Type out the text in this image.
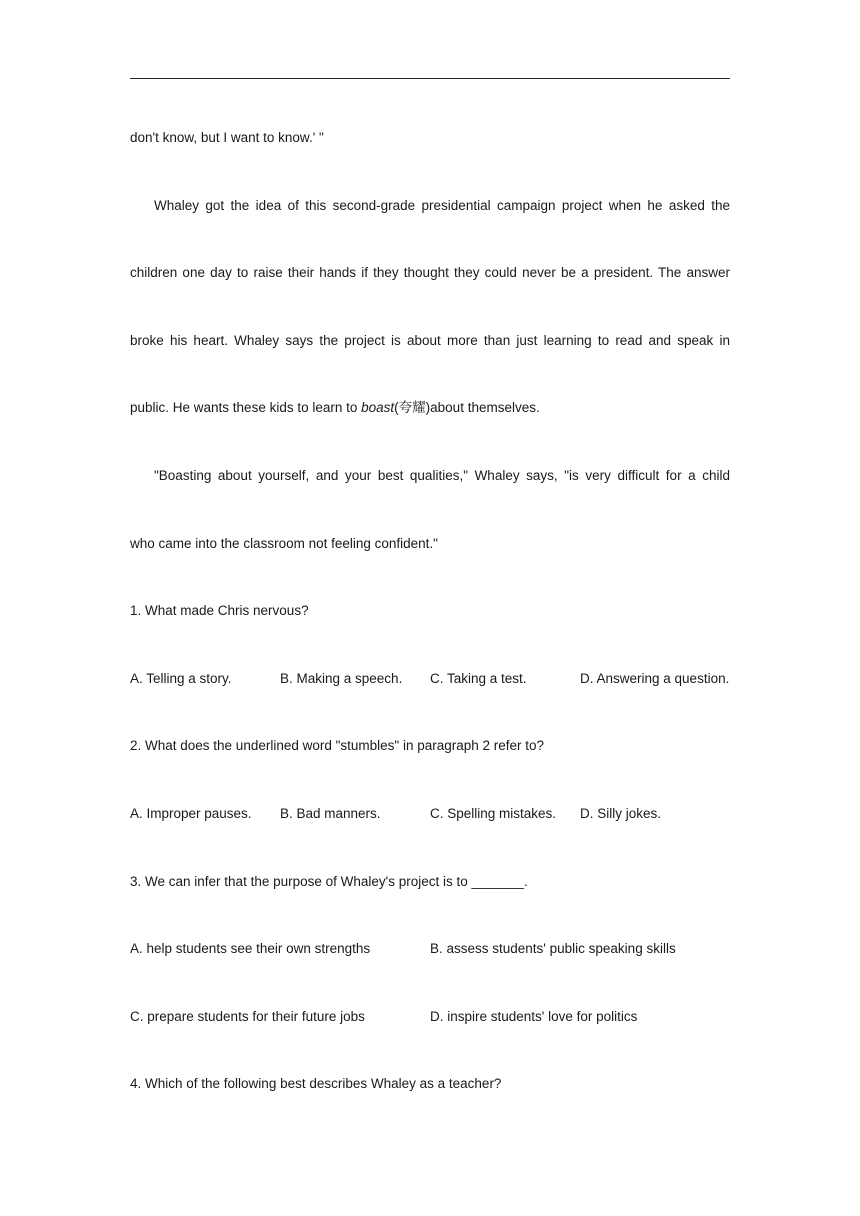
don't know, but I want to know.' "
Whaley got the idea of this second-grade presidential campaign project when he asked the
children one day to raise their hands if they thought they could never be a president. The answer
broke his heart. Whaley says the project is about more than just learning to read and speak in
public. He wants these kids to learn to boast(夸耀)about themselves.
"Boasting about yourself, and your best qualities," Whaley says, "is very difficult for a child
who came into the classroom not feeling confident."
1. What made Chris nervous?
A. Telling a story.	B. Making a speech. C. Taking a test.	D. Answering a question.
2. What does the underlined word "stumbles" in paragraph 2 refer to?
A. Improper pauses. B. Bad manners.	C. Spelling mistakes. D. Silly jokes.
3. We can infer that the purpose of Whaley's project is to _______.
A. help students see their own strengths	B. assess students' public speaking skills
C. prepare students for their future jobs	D. inspire students' love for politics
4. Which of the following best describes Whaley as a teacher?
